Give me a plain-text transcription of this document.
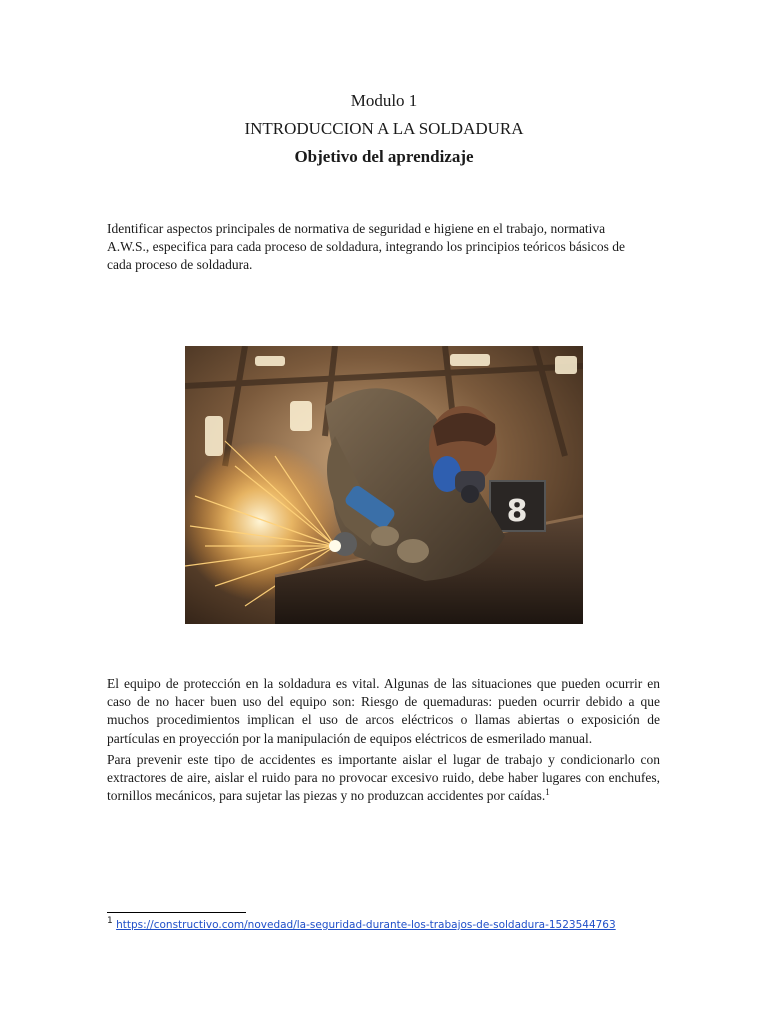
Modulo 1
INTRODUCCION A LA SOLDADURA
Objetivo del aprendizaje

Identificar aspectos principales de normativa de seguridad e higiene en el trabajo, normativa A.W.S., especifica para cada proceso de soldadura, integrando los principios teóricos básicos de cada proceso de soldadura.

8

El equipo de protección en la soldadura es vital. Algunas de las situaciones que pueden ocurrir en caso de no hacer buen uso del equipo son: Riesgo de quemaduras: pueden ocurrir debido a que muchos procedimientos implican el uso de arcos eléctricos o llamas abiertas o exposición de partículas en proyección por la manipulación de equipos eléctricos de esmerilado manual.

Para prevenir este tipo de accidentes es importante aislar el lugar de trabajo y condicionarlo con extractores de aire, aislar el ruido para no provocar excesivo ruido, debe haber lugares con enchufes, tornillos mecánicos, para sujetar las piezas y no produzcan accidentes por caídas.$^1$

$^1$ https://constructivo.com/novedad/la-seguridad-durante-los-trabajos-de-soldadura-1523544763
